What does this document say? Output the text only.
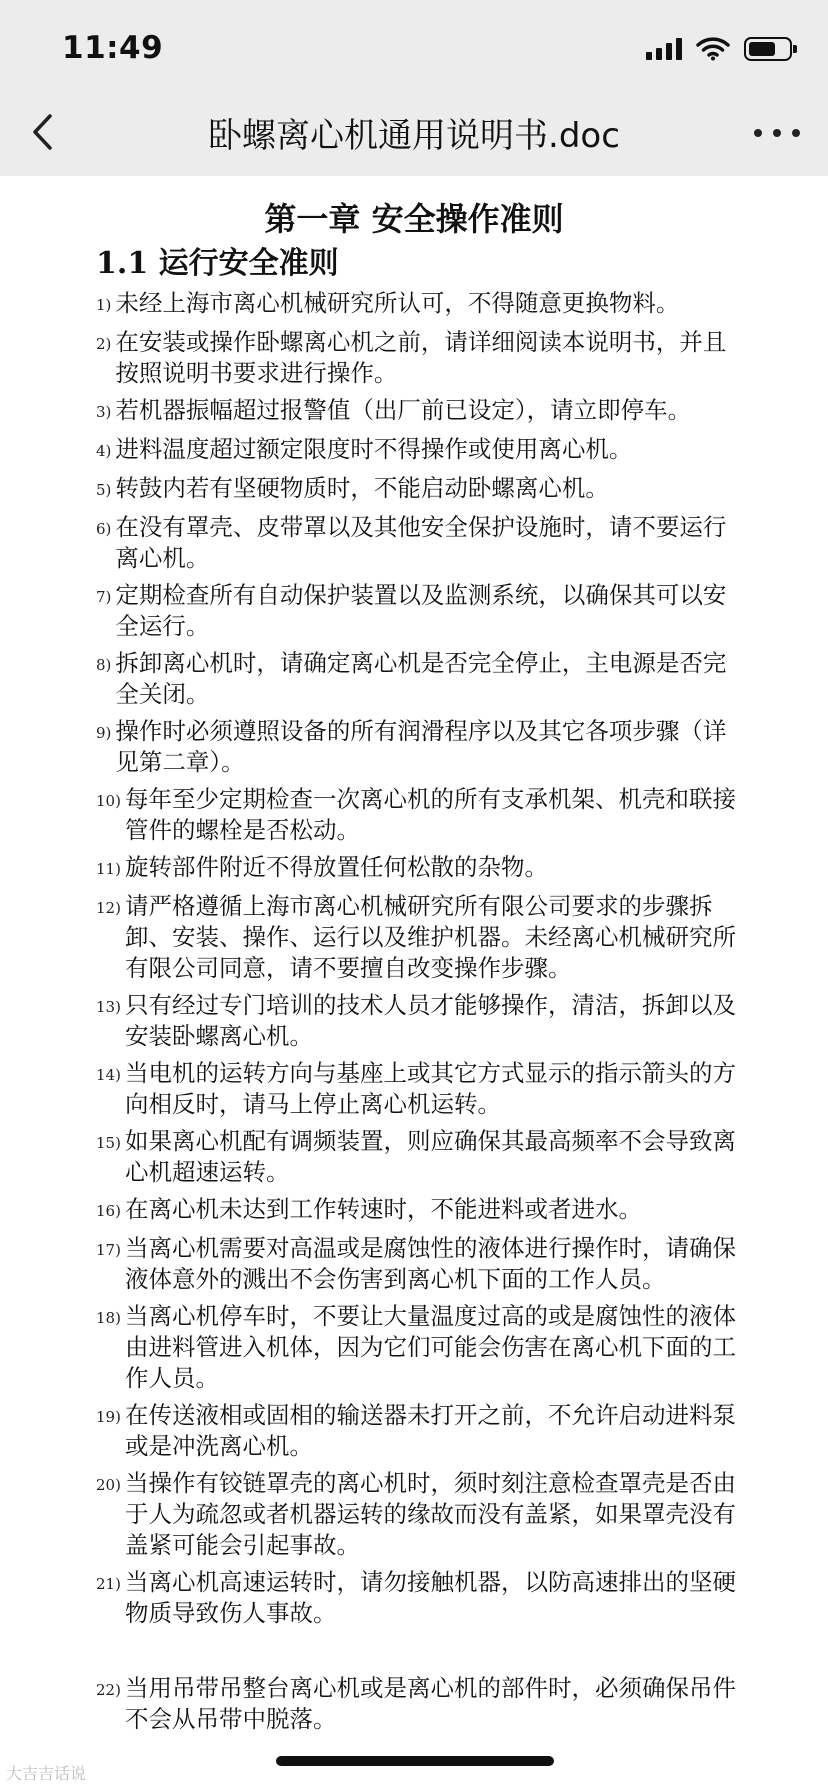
11:49
卧螺离心机通用说明书.doc
第一章 安全操作准则
1.1 运行安全准则
1) 未经上海市离心机械研究所认可，不得随意更换物料。
2) 在安装或操作卧螺离心机之前，请详细阅读本说明书，并且按照说明书要求进行操作。
3) 若机器振幅超过报警值（出厂前已设定），请立即停车。
4) 进料温度超过额定限度时不得操作或使用离心机。
5) 转鼓内若有坚硬物质时，不能启动卧螺离心机。
6) 在没有罩壳、皮带罩以及其他安全保护设施时，请不要运行离心机。
7) 定期检查所有自动保护装置以及监测系统，以确保其可以安全运行。
8) 拆卸离心机时，请确定离心机是否完全停止，主电源是否完全关闭。
9) 操作时必须遵照设备的所有润滑程序以及其它各项步骤（详见第二章）。
10) 每年至少定期检查一次离心机的所有支承机架、机壳和联接管件的螺栓是否松动。
11) 旋转部件附近不得放置任何松散的杂物。
12) 请严格遵循上海市离心机械研究所有限公司要求的步骤拆卸、安装、操作、运行以及维护机器。未经离心机械研究所有限公司同意，请不要擅自改变操作步骤。
13) 只有经过专门培训的技术人员才能够操作，清洁，拆卸以及安装卧螺离心机。
14) 当电机的运转方向与基座上或其它方式显示的指示箭头的方向相反时，请马上停止离心机运转。
15) 如果离心机配有调频装置，则应确保其最高频率不会导致离心机超速运转。
16) 在离心机未达到工作转速时，不能进料或者进水。
17) 当离心机需要对高温或是腐蚀性的液体进行操作时，请确保液体意外的溅出不会伤害到离心机下面的工作人员。
18) 当离心机停车时，不要让大量温度过高的或是腐蚀性的液体由进料管进入机体，因为它们可能会伤害在离心机下面的工作人员。
19) 在传送液相或固相的输送器未打开之前，不允许启动进料泵或是冲洗离心机。
20) 当操作有铰链罩壳的离心机时，须时刻注意检查罩壳是否由于人为疏忽或者机器运转的缘故而没有盖紧，如果罩壳没有盖紧可能会引起事故。
21) 当离心机高速运转时，请勿接触机器，以防高速排出的坚硬物质导致伤人事故。
22) 当用吊带吊整台离心机或是离心机的部件时，必须确保吊件不会从吊带中脱落。
大吉吉话说
